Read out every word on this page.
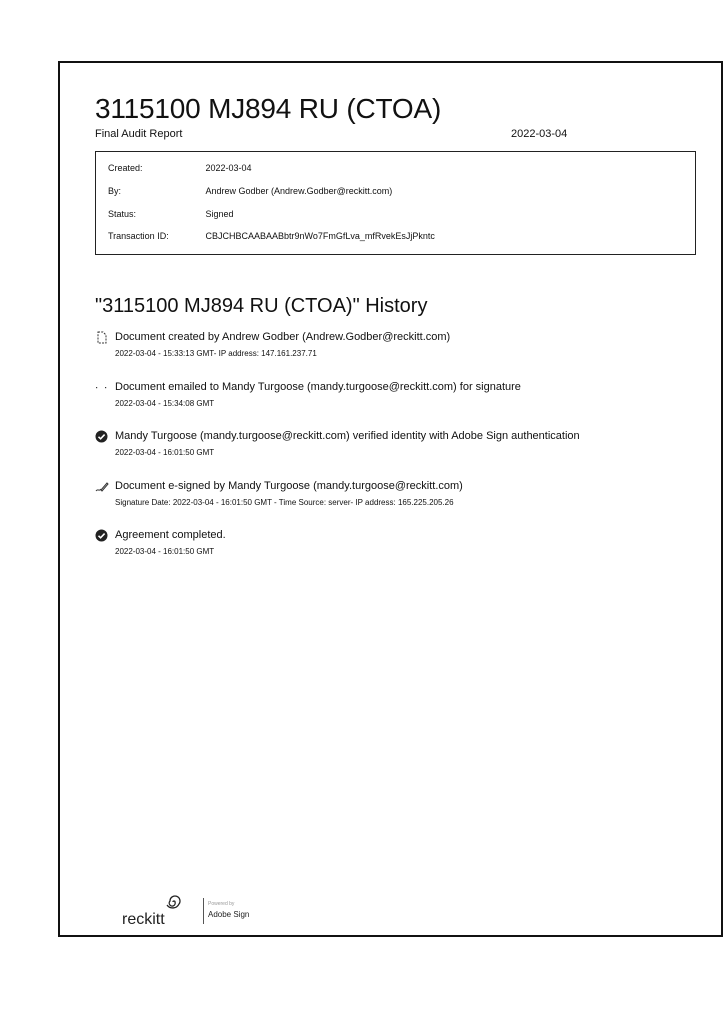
3115100 MJ894 RU (CTOA)
Final Audit Report	2022-03-04
Created:	2022-03-04
By:	Andrew Godber (Andrew.Godber@reckitt.com)
Status:	Signed
Transaction ID:	CBJCHBCAABAABbtr9nWo7FmGfLva_mfRvekEsJjPkntc
"3115100 MJ894 RU (CTOA)" History
Document created by Andrew Godber (Andrew.Godber@reckitt.com)
2022-03-04 - 15:33:13 GMT- IP address: 147.161.237.71
Document emailed to Mandy Turgoose (mandy.turgoose@reckitt.com) for signature
2022-03-04 - 15:34:08 GMT
Mandy Turgoose (mandy.turgoose@reckitt.com) verified identity with Adobe Sign authentication
2022-03-04 - 16:01:50 GMT
Document e-signed by Mandy Turgoose (mandy.turgoose@reckitt.com)
Signature Date: 2022-03-04 - 16:01:50 GMT - Time Source: server- IP address: 165.225.205.26
Agreement completed.
2022-03-04 - 16:01:50 GMT
reckitt
Powered by
Adobe Sign
